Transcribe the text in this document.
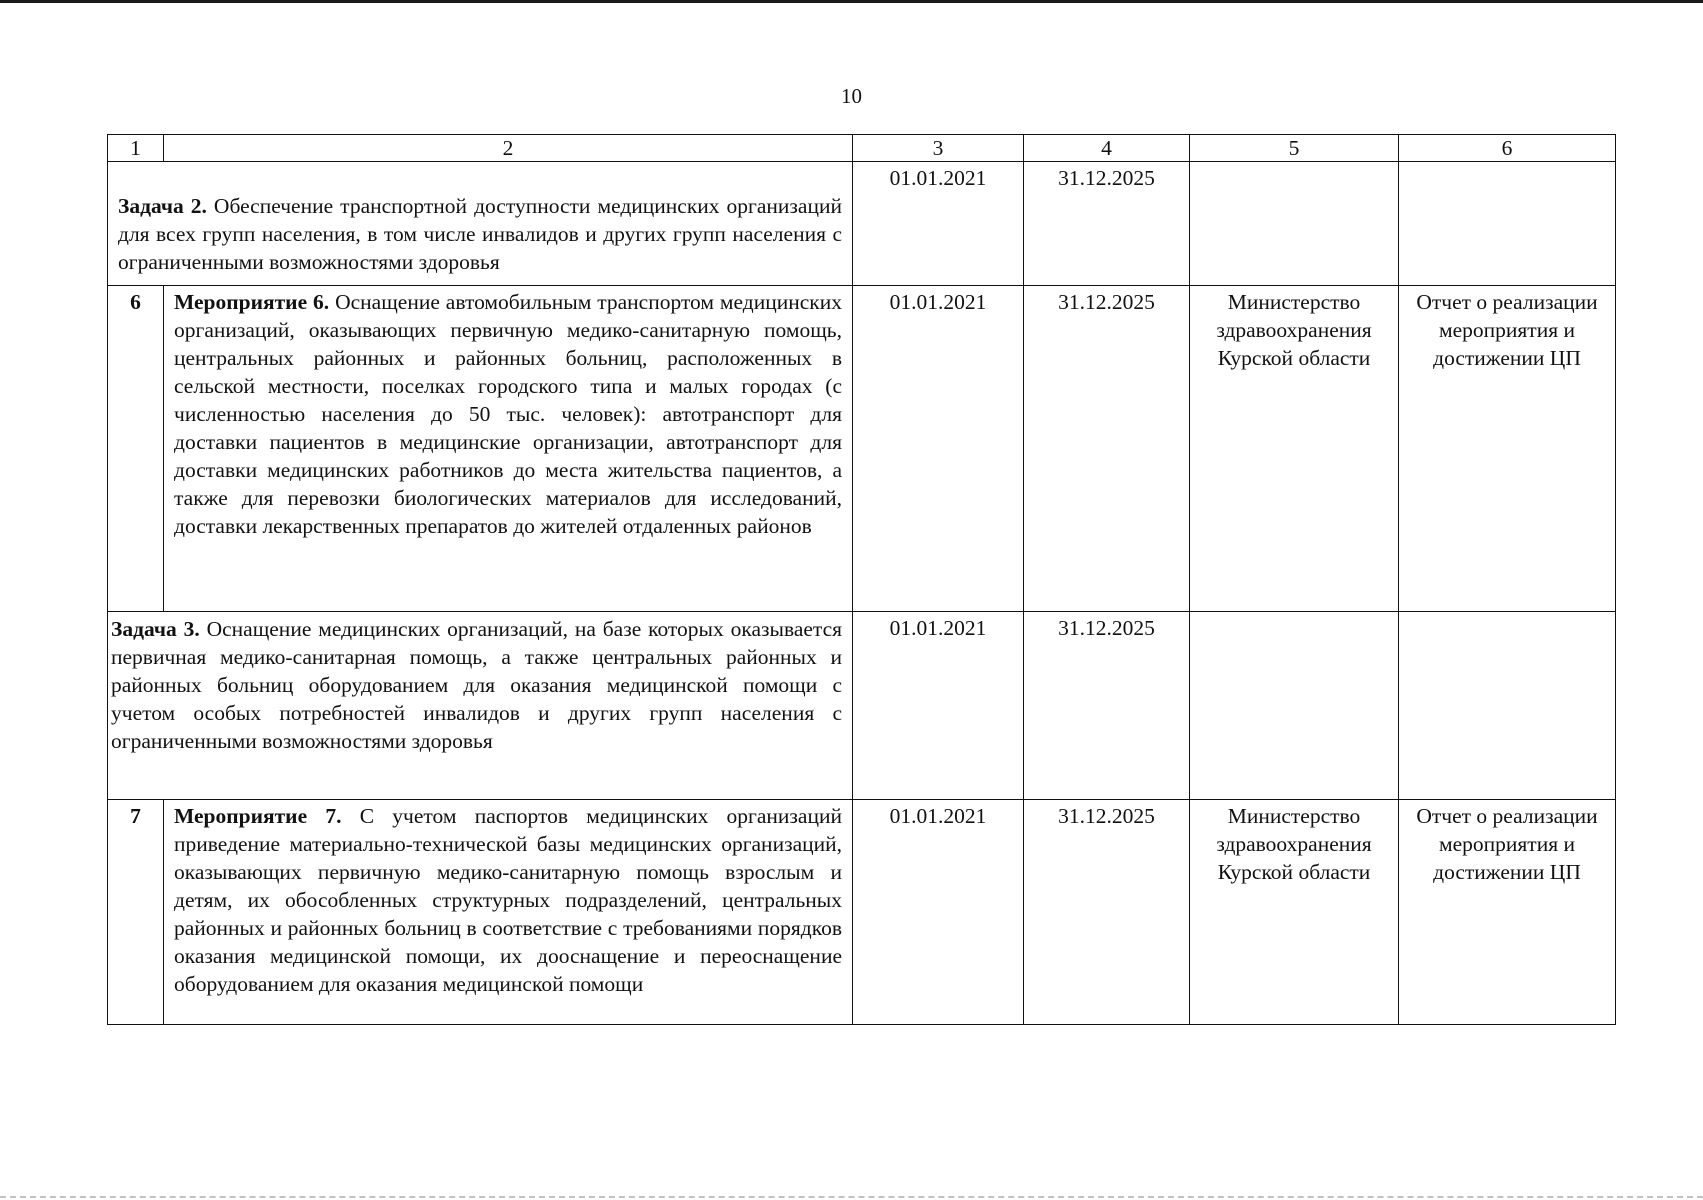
10
1	2	3	4	5	6
Задача 2. Обеспечение транспортной доступности медицинских организаций для всех групп населения, в том числе инвалидов и других групп населения с ограниченными возможностями здоровья		01.01.2021	31.12.2025		
6	Мероприятие 6. Оснащение автомобильным транспортом медицинских организаций, оказывающих первичную медико-санитарную помощь, центральных районных и районных больниц, расположенных в сельской местности, поселках городского типа и малых городах (с численностью населения до 50 тыс. человек): автотранспорт для доставки пациентов в медицинские организации, автотранспорт для доставки медицинских работников до места жительства пациентов, а также для перевозки биологических материалов для исследований, доставки лекарственных препаратов до жителей отдаленных районов	01.01.2021	31.12.2025	Министерство здравоохранения Курской области	Отчет о реализации мероприятия и достижении ЦП
Задача 3. Оснащение медицинских организаций, на базе которых оказывается первичная медико-санитарная помощь, а также центральных районных и районных больниц оборудованием для оказания медицинской помощи с учетом особых потребностей инвалидов и других групп населения с ограниченными возможностями здоровья		01.01.2021	31.12.2025		
7	Мероприятие 7. С учетом паспортов медицинских организаций приведение материально-технической базы медицинских организаций, оказывающих первичную медико-санитарную помощь взрослым и детям, их обособленных структурных подразделений, центральных районных и районных больниц в соответствие с требованиями порядков оказания медицинской помощи, их дооснащение и переоснащение оборудованием для оказания медицинской помощи	01.01.2021	31.12.2025	Министерство здравоохранения Курской области	Отчет о реализации мероприятия и достижении ЦП
